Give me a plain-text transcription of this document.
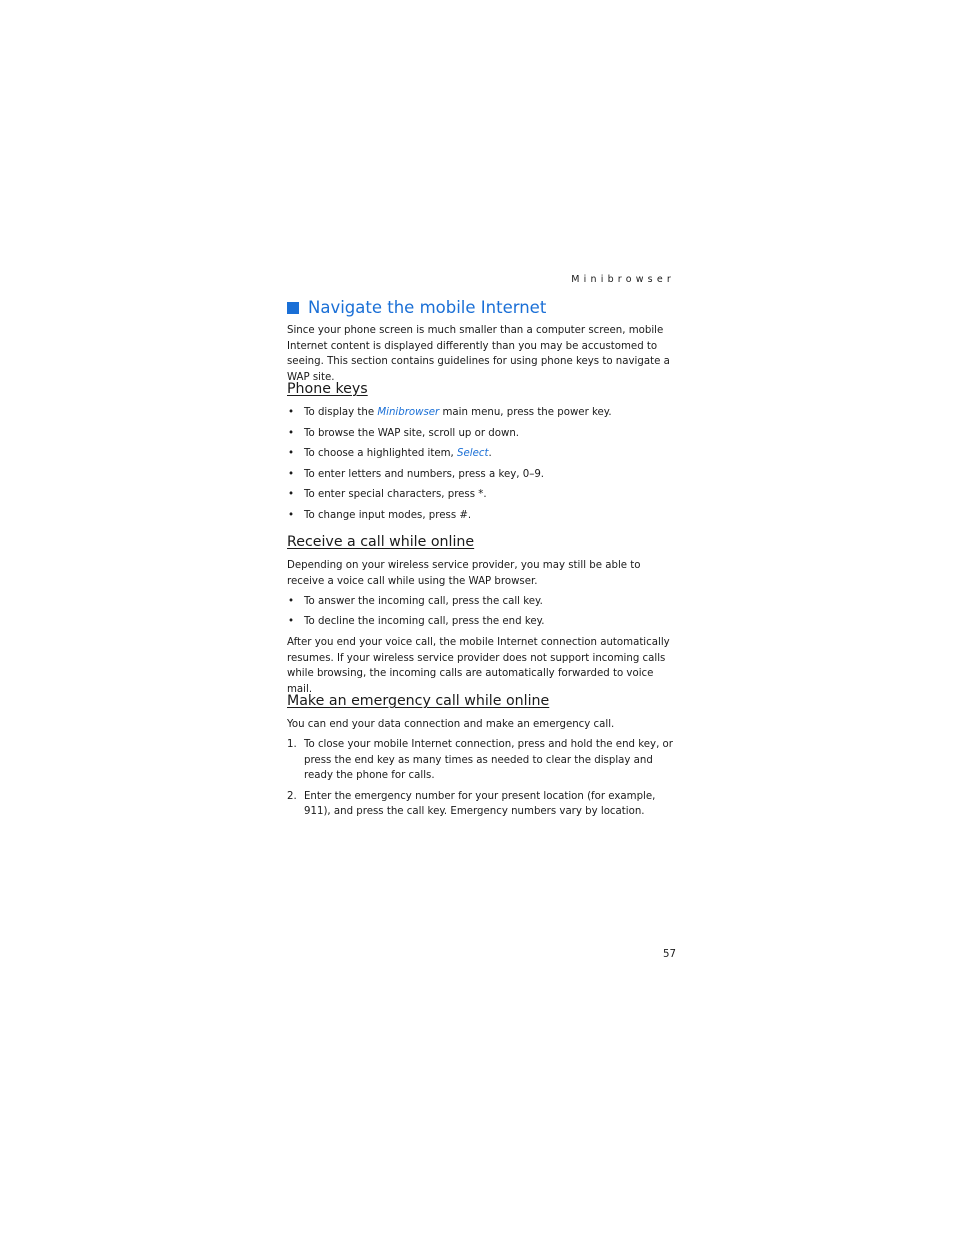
Minibrowser
Navigate the mobile Internet

Since your phone screen is much smaller than a computer screen, mobile Internet content is displayed differently than you may be accustomed to seeing. This section contains guidelines for using phone keys to navigate a WAP site.

Phone keys
• To display the Minibrowser main menu, press the power key.
• To browse the WAP site, scroll up or down.
• To choose a highlighted item, Select.
• To enter letters and numbers, press a key, 0–9.
• To enter special characters, press *.
• To change input modes, press #.
Receive a call while online

Depending on your wireless service provider, you may still be able to receive a voice call while using the WAP browser.

• To answer the incoming call, press the call key.
• To decline the incoming call, press the end key.

After you end your voice call, the mobile Internet connection automatically resumes. If your wireless service provider does not support incoming calls while browsing, the incoming calls are automatically forwarded to voice mail.

Make an emergency call while online

You can end your data connection and make an emergency call.

1. To close your mobile Internet connection, press and hold the end key, or press the end key as many times as needed to clear the display and ready the phone for calls.
2. Enter the emergency number for your present location (for example, 911), and press the call key. Emergency numbers vary by location.
57
